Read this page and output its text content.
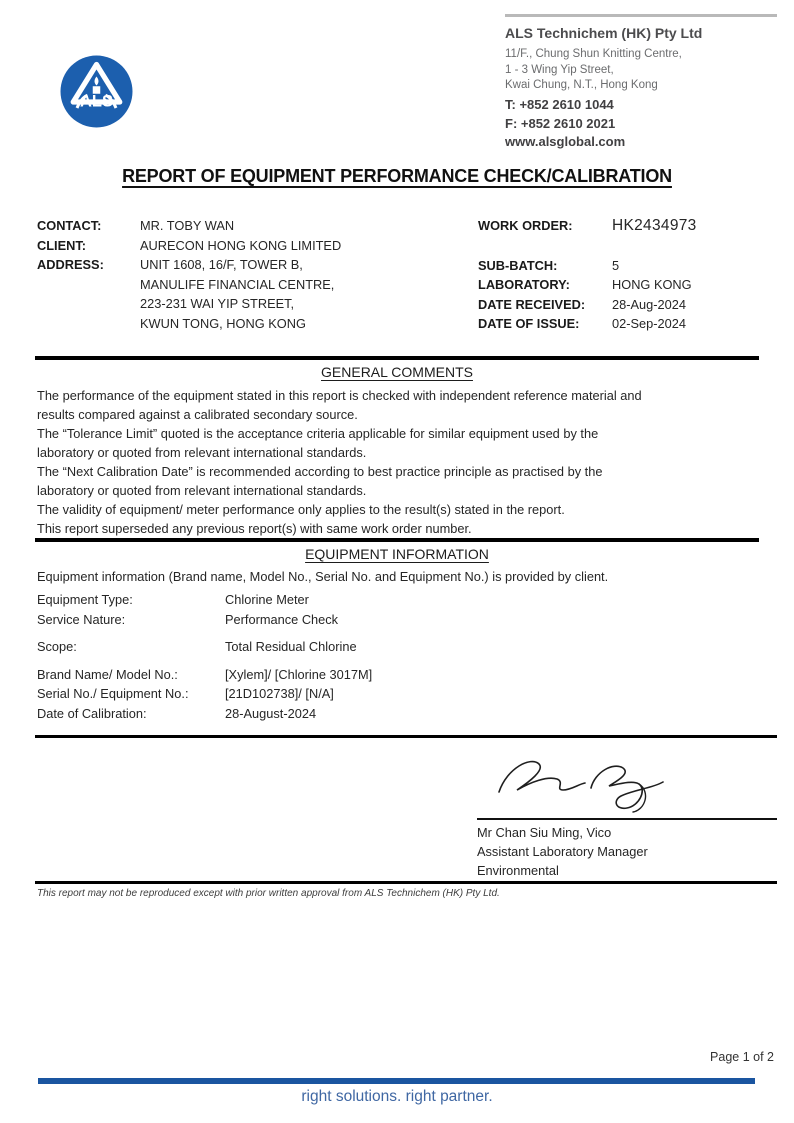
ALS
ALS Technichem (HK) Pty Ltd
11/F., Chung Shun Knitting Centre,
1 - 3 Wing Yip Street,
Kwai Chung, N.T., Hong Kong
T: +852 2610 1044
F: +852 2610 2021
www.alsglobal.com
REPORT OF EQUIPMENT PERFORMANCE CHECK/CALIBRATION
CONTACT:	MR. TOBY WAN
CLIENT:	AURECON HONG KONG LIMITED
ADDRESS:	UNIT 1608, 16/F, TOWER B,
MANULIFE FINANCIAL CENTRE,
223-231 WAI YIP STREET,
KWUN TONG, HONG KONG
WORK ORDER:	HK2434973
SUB-BATCH:	5
LABORATORY:	HONG KONG
DATE RECEIVED:	28-Aug-2024
DATE OF ISSUE:	02-Sep-2024
GENERAL COMMENTS
The performance of the equipment stated in this report is checked with independent reference material and
results compared against a calibrated secondary source.
The “Tolerance Limit” quoted is the acceptance criteria applicable for similar equipment used by the
laboratory or quoted from relevant international standards.
The “Next Calibration Date” is recommended according to best practice principle as practised by the
laboratory or quoted from relevant international standards.
The validity of equipment/ meter performance only applies to the result(s) stated in the report.
This report superseded any previous report(s) with same work order number.
EQUIPMENT INFORMATION
Equipment information (Brand name, Model No., Serial No. and Equipment No.) is provided by client.
Equipment Type:	Chlorine Meter
Service Nature:	Performance Check
Scope:	Total Residual Chlorine
Brand Name/ Model No.:	[Xylem]/ [Chlorine 3017M]
Serial No./ Equipment No.:	[21D102738]/ [N/A]
Date of Calibration:	28-August-2024
Mr Chan Siu Ming, Vico
Assistant Laboratory Manager
Environmental
This report may not be reproduced except with prior written approval from ALS Technichem (HK) Pty Ltd.
Page 1 of 2
right solutions. right partner.
